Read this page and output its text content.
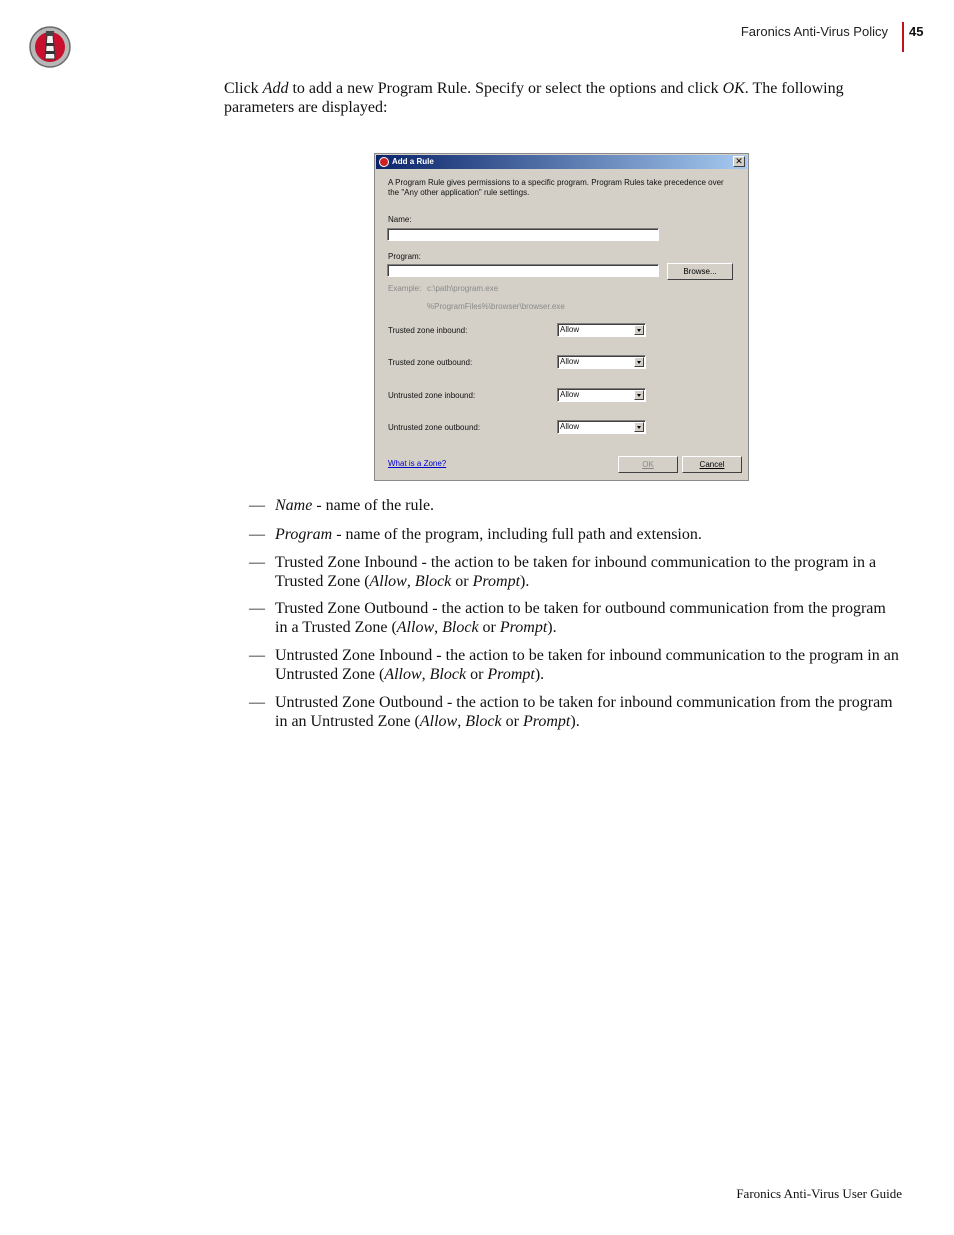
Faronics Anti-Virus Policy 45
Click Add to add a new Program Rule. Specify or select the options and click OK. The following parameters are displayed:
Add a Rule	✕
A Program Rule gives permissions to a specific program. Program Rules take precedence over the "Any other application" rule settings.
Name:
Program:
Browse...
Example: c:\path\program.exe
%ProgramFiles%\browser\browser.exe
Trusted zone inbound:	Allow
Trusted zone outbound:	Allow
Untrusted zone inbound:	Allow
Untrusted zone outbound:	Allow
What is a Zone?	OK	Cancel
— Name - name of the rule.
— Program - name of the program, including full path and extension.
— Trusted Zone Inbound - the action to be taken for inbound communication to the program in a Trusted Zone (Allow, Block or Prompt).
— Trusted Zone Outbound - the action to be taken for outbound communication from the program in a Trusted Zone (Allow, Block or Prompt).
— Untrusted Zone Inbound - the action to be taken for inbound communication to the program in an Untrusted Zone (Allow, Block or Prompt).
— Untrusted Zone Outbound - the action to be taken for inbound communication from the program in an Untrusted Zone (Allow, Block or Prompt).
Faronics Anti-Virus User Guide
